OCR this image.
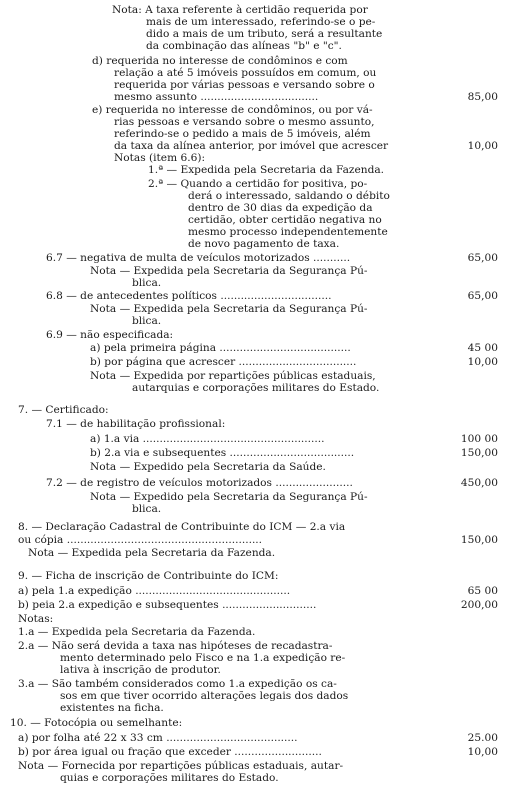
Nota: A taxa referente à certidão requerida por
mais de um interessado, referindo-se o pe-
dido a mais de um tributo, será a resultante
da combinação das alíneas "b" e "c".
d) requerida no interesse de condôminos e com
relação a até 5 imóveis possuídos em comum, ou
requerida por várias pessoas e versando sobre o
mesmo assunto ...................................
e) requerida no interesse de condôminos, ou por vá-
rias pessoas e versando sobre o mesmo assunto,
referindo-se o pedido a mais de 5 imóveis, além
da taxa da alínea anterior, por imóvel que acrescer
Notas (item 6.6):
1.ª — Expedida pela Secretaria da Fazenda.
2.ª — Quando a certidão for positiva, po-
derá o interessado, saldando o débito
dentro de 30 dias da expedição da
certidão, obter certidão negativa no
mesmo processo independentemente
de novo pagamento de taxa.
6.7 — negativa de multa de veículos motorizados ...........
Nota — Expedida pela Secretaria da Segurança Pú-
blica.
6.8 — de antecedentes políticos .................................
Nota — Expedida pela Secretaria da Segurança Pú-
blica.
6.9 — não especificada:
a) pela primeira página .......................................
b) por página que acrescer ...................................
Nota — Expedida por repartições públicas estaduais,
autarquias e corporações militares do Estado.
7. — Certificado:
7.1 — de habilitação profissional:
a) 1.a via ......................................................
b) 2.a via e subsequentes .....................................
Nota — Expedido pela Secretaria da Saúde.
7.2 — de registro de veículos motorizados .......................
Nota — Expedido pela Secretaria da Segurança Pú-
blica.
8. — Declaração Cadastral de Contribuinte do ICM — 2.a via
ou cópia ..........................................................
Nota — Expedida pela Secretaria da Fazenda.
9. — Ficha de inscrição de Contribuinte do ICM:
a) pela 1.a expedição ..............................................
b) peia 2.a expedição e subsequentes ............................
Notas:
1.a — Expedida pela Secretaria da Fazenda.
2.a — Não será devida a taxa nas hipóteses de recadastra-
mento determinado pelo Fisco e na 1.a expedição re-
lativa à inscrição de produtor.
3.a — São também considerados como 1.a expedição os ca-
sos em que tiver ocorrido alterações legais dos dados
existentes na ficha.
10. — Fotocópia ou semelhante:
a) por folha até 22 x 33 cm .......................................
b) por área igual ou fração que exceder ..........................
Nota — Fornecida por repartições públicas estaduais, autar-
quias e corporações militares do Estado.
85,00
10,00
65,00
65,00
45 00
10,00
100 00
150,00
450,00
150,00
65 00
200,00
25.00
10,00
